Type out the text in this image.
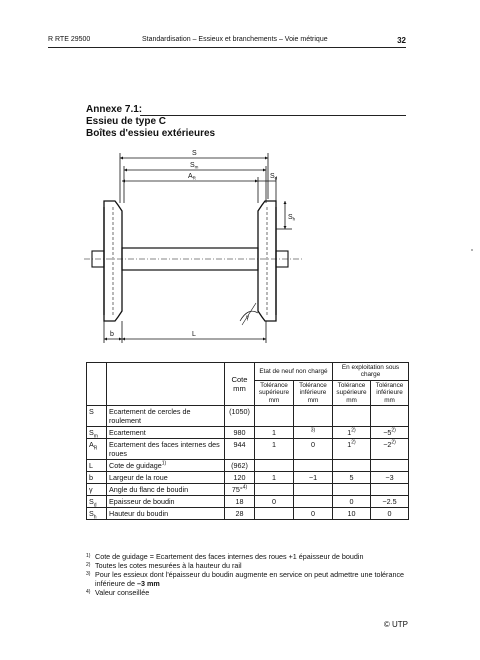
R RTE 29500	Standardisation – Essieux et branchements – Voie métrique	32
Annexe 7.1:
Essieu de type C
Boîtes d'essieu extérieures
S
$S_m$
$A_R$	$S_d$
$S_h$
b	L
γ
		Cote mm	Etat de neuf non chargé		En exploitation sous charge	
			Tolérance supérieure mm	Tolérance inférieure mm	Tolérance supérieure mm	Tolérance inférieure mm
S	Ecartement de cercles de roulement	(1050)				
$S_m$	Ecartement	980	1	$^{3)}$	$1^{2)}$	$-5^{2)}$
$A_R$	Ecartement des faces internes des roues	944	1	0	$1^{2)}$	$-2^{2)}$
L	Cote de guidage$^{1)}$	(962)				
b	Largeur de la roue	120	1	−1	5	−3
γ	Angle du flanc de boudin	75°$^{4)}$				
$S_d$	Epaisseur de boudin	18	0		0	−2.5
$S_h$	Hauteur du boudin	28		0	10	0
1) Cote de guidage = Ecartement des faces internes des roues +1 épaisseur de boudin
2) Toutes les cotes mesurées à la hauteur du rail
3) Pour les essieux dont l'épaisseur du boudin augmente en service on peut admettre une tolérance inférieure de –3 mm
4) Valeur conseillée
© UTP
